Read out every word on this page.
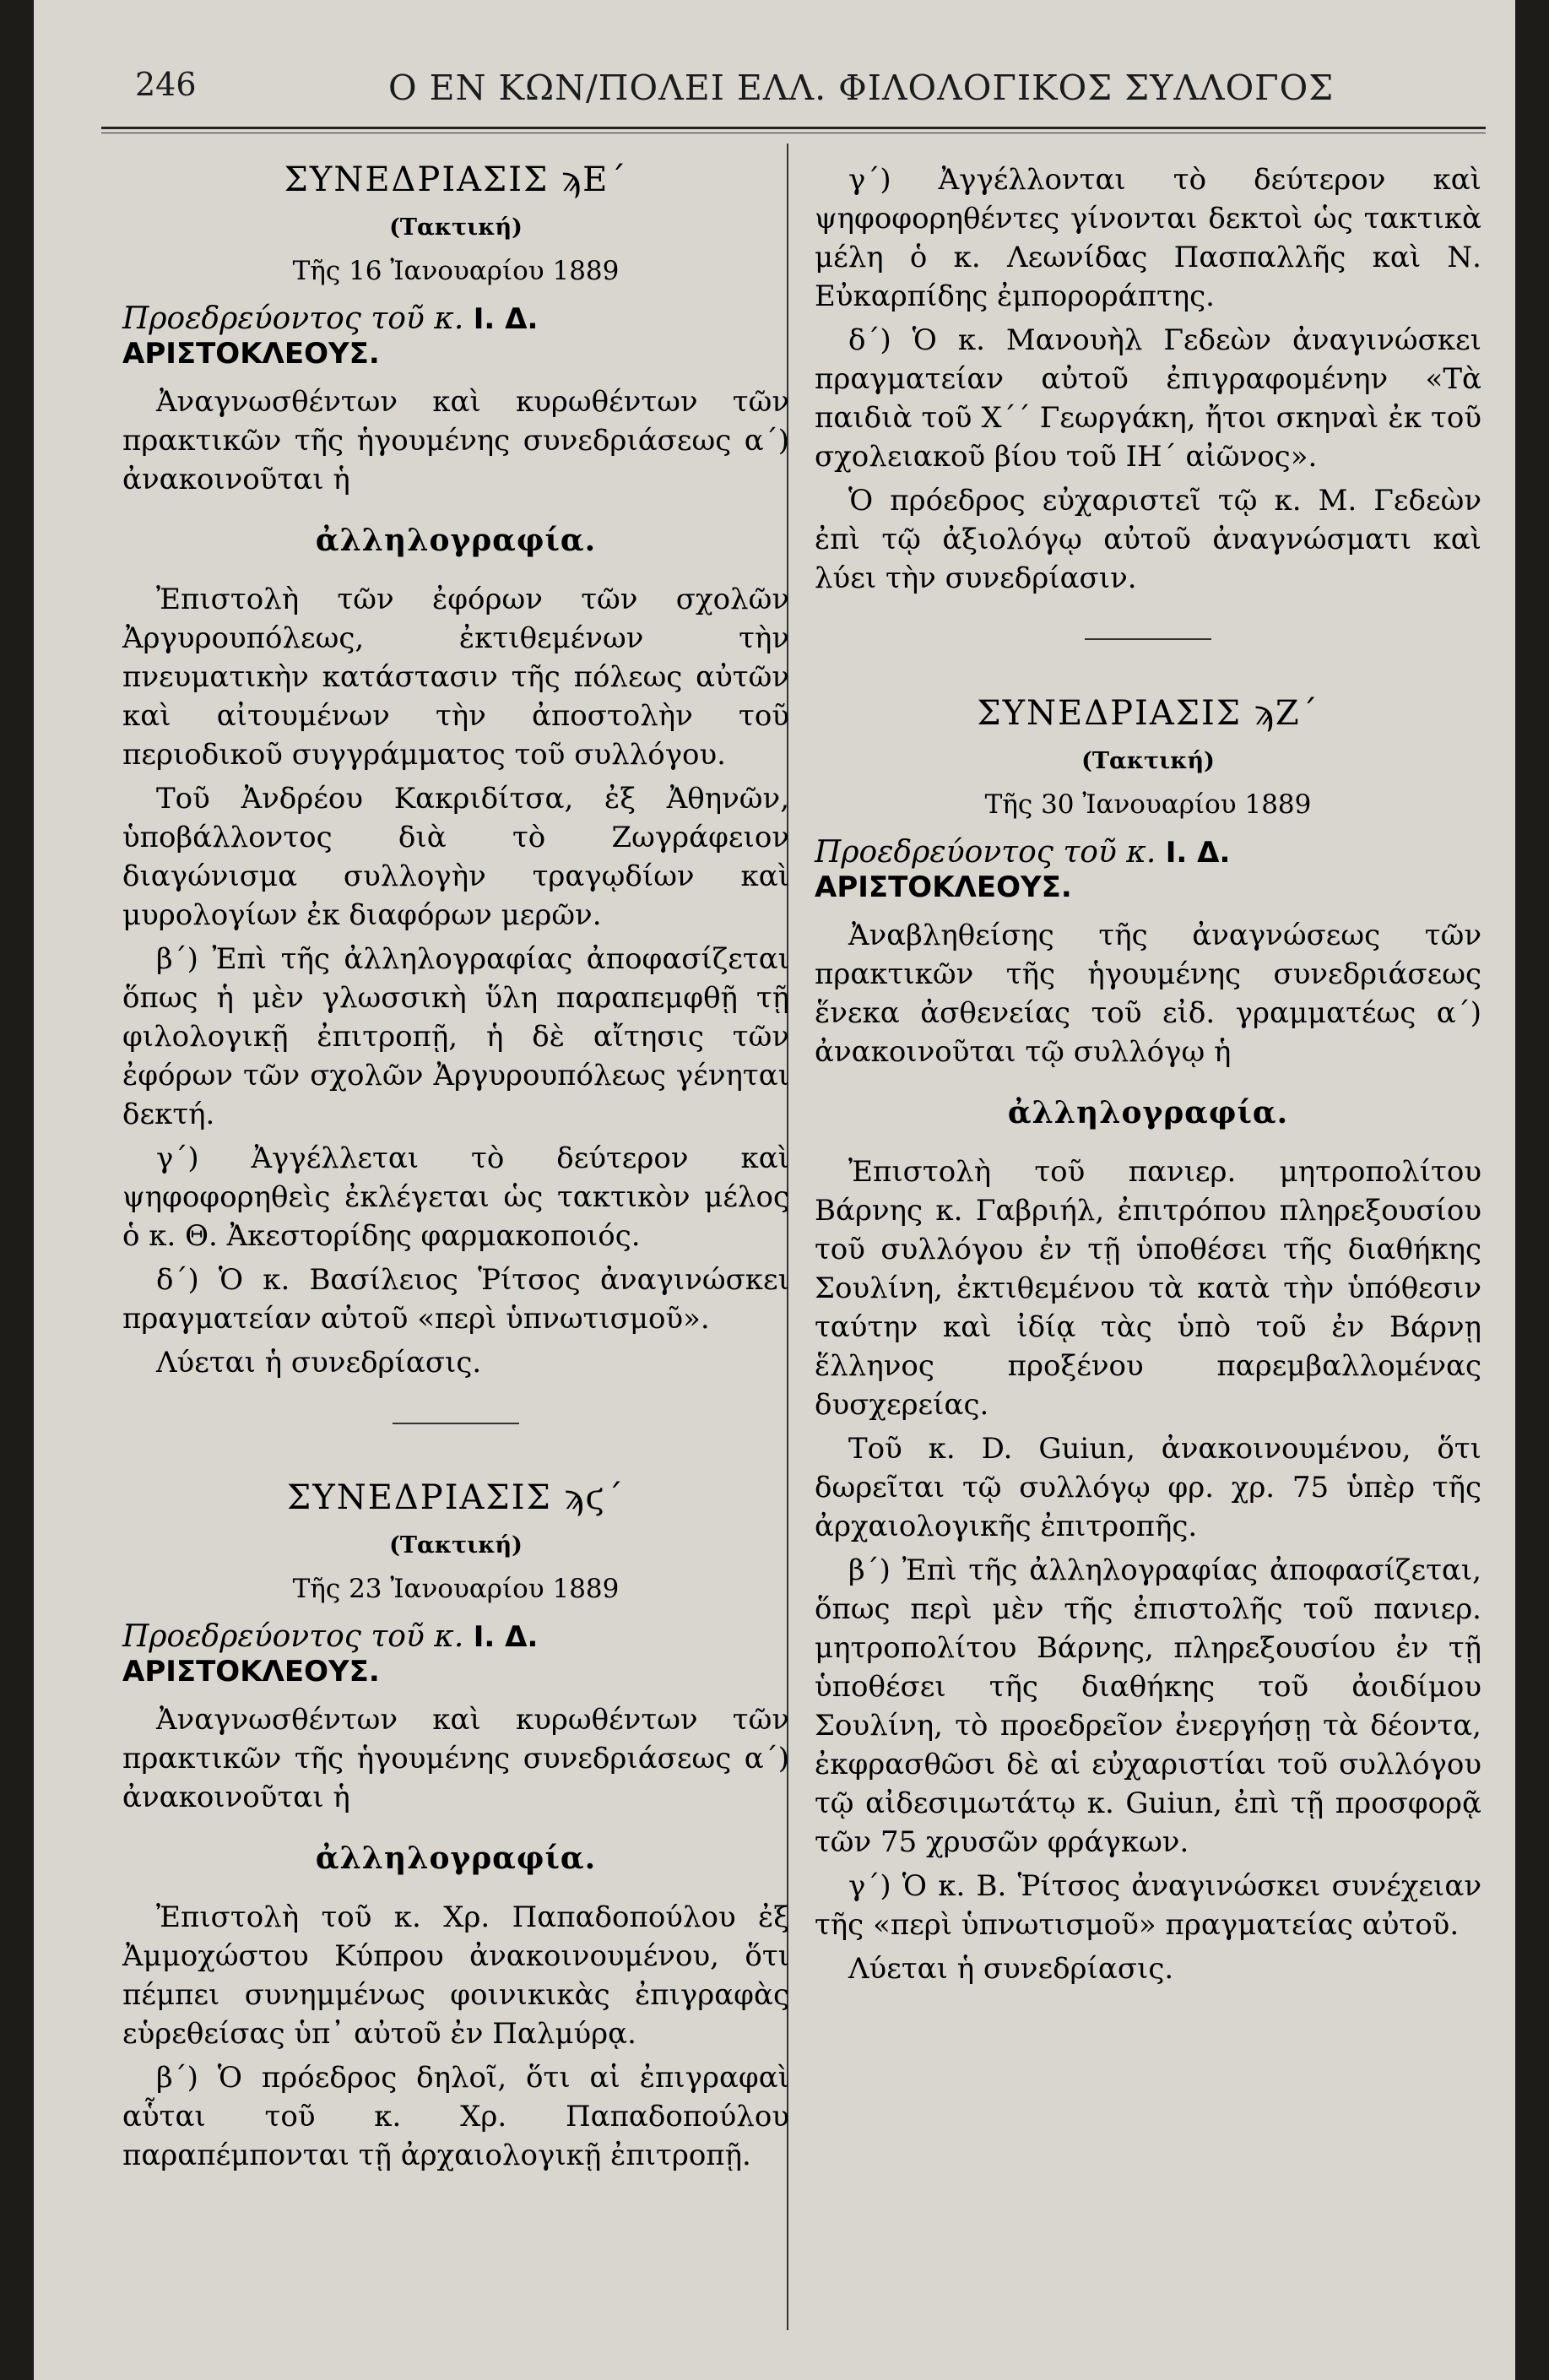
246	Ο ΕΝ ΚΩΝ/ΠΟΛΕΙ ΕΛΛ. ΦΙΛΟΛΟΓΙΚΟΣ ΣΥΛΛΟΓΟΣ
ΣΥΝΕΔΡΙΑΣΙΣ ϡΕ΄
(Τακτική)
Τῆς 16 Ἰανουαρίου 1889
Προεδρεύοντος τοῦ κ. Ι. Δ. ΑΡΙΣΤΟΚΛΕΟΥΣ.

Ἀναγνωσθέντων καὶ κυρωθέντων τῶν πρακτικῶν τῆς ἡγουμένης συνεδριάσεως α΄) ἀνακοινοῦται ἡ

ἀλληλογραφία.

Ἐπιστολὴ τῶν ἐφόρων τῶν σχολῶν Ἀργυρουπόλεως, ἐκτιθεμένων τὴν πνευματικὴν κατάστασιν τῆς πόλεως αὐτῶν καὶ αἰτουμένων τὴν ἀποστολὴν τοῦ περιοδικοῦ συγγράμματος τοῦ συλλόγου.

Τοῦ Ἀνδρέου Κακριδίτσα, ἐξ Ἀθηνῶν, ὑποβάλλοντος διὰ τὸ Ζωγράφειον διαγώνισμα συλλογὴν τραγῳδίων καὶ μυρολογίων ἐκ διαφόρων μερῶν.

β΄) Ἐπὶ τῆς ἀλληλογραφίας ἀποφασίζεται ὅπως ἡ μὲν γλωσσικὴ ὕλη παραπεμφθῇ τῇ φιλολογικῇ ἐπιτροπῇ, ἡ δὲ αἴτησις τῶν ἐφόρων τῶν σχολῶν Ἀργυρουπόλεως γένηται δεκτή.

γ΄) Ἀγγέλλεται τὸ δεύτερον καὶ ψηφοφορηθεὶς ἐκλέγεται ὡς τακτικὸν μέλος ὁ κ. Θ. Ἀκεστορίδης φαρμακοποιός.

δ΄) Ὁ κ. Βασίλειος Ῥίτσος ἀναγινώσκει πραγματείαν αὐτοῦ «περὶ ὑπνωτισμοῦ».

Λύεται ἡ συνεδρίασις.

ΣΥΝΕΔΡΙΑΣΙΣ ϡϛ΄
(Τακτική)
Τῆς 23 Ἰανουαρίου 1889
Προεδρεύοντος τοῦ κ. Ι. Δ. ΑΡΙΣΤΟΚΛΕΟΥΣ.

Ἀναγνωσθέντων καὶ κυρωθέντων τῶν πρακτικῶν τῆς ἡγουμένης συνεδριάσεως α΄) ἀνακοινοῦται ἡ

ἀλληλογραφία.

Ἐπιστολὴ τοῦ κ. Χρ. Παπαδοπούλου ἐξ Ἀμμοχώστου Κύπρου ἀνακοινουμένου, ὅτι πέμπει συνημμένως φοινικικὰς ἐπιγραφὰς εὑρεθείσας ὑπ᾽ αὐτοῦ ἐν Παλμύρᾳ.

β΄) Ὁ πρόεδρος δηλοῖ, ὅτι αἱ ἐπιγραφαὶ αὗται τοῦ κ. Χρ. Παπαδοπούλου παραπέμπονται τῇ ἀρχαιολογικῇ ἐπιτροπῇ.

γ΄) Ἀγγέλλονται τὸ δεύτερον καὶ ψηφοφορηθέντες γίνονται δεκτοὶ ὡς τακτικὰ μέλη ὁ κ. Λεωνίδας Πασπαλλῆς καὶ Ν. Εὐκαρπίδης ἐμποροράπτης.

δ΄) Ὁ κ. Μανουὴλ Γεδεὼν ἀναγινώσκει πραγματείαν αὐτοῦ ἐπιγραφομένην «Τὰ παιδιὰ τοῦ Χ΄΄ Γεωργάκη, ἤτοι σκηναὶ ἐκ τοῦ σχολειακοῦ βίου τοῦ ΙΗ΄ αἰῶνος».

Ὁ πρόεδρος εὐχαριστεῖ τῷ κ. Μ. Γεδεὼν ἐπὶ τῷ ἀξιολόγῳ αὐτοῦ ἀναγνώσματι καὶ λύει τὴν συνεδρίασιν.

ΣΥΝΕΔΡΙΑΣΙΣ ϡΖ΄
(Τακτική)
Τῆς 30 Ἰανουαρίου 1889
Προεδρεύοντος τοῦ κ. Ι. Δ. ΑΡΙΣΤΟΚΛΕΟΥΣ.

Ἀναβληθείσης τῆς ἀναγνώσεως τῶν πρακτικῶν τῆς ἡγουμένης συνεδριάσεως ἕνεκα ἀσθενείας τοῦ εἰδ. γραμματέως α΄) ἀνακοινοῦται τῷ συλλόγῳ ἡ

ἀλληλογραφία.

Ἐπιστολὴ τοῦ πανιερ. μητροπολίτου Βάρνης κ. Γαβριήλ, ἐπιτρόπου πληρεξουσίου τοῦ συλλόγου ἐν τῇ ὑποθέσει τῆς διαθήκης Σουλίνη, ἐκτιθεμένου τὰ κατὰ τὴν ὑπόθεσιν ταύτην καὶ ἰδίᾳ τὰς ὑπὸ τοῦ ἐν Βάρνῃ ἕλληνος προξένου παρεμβαλλομένας δυσχερείας.

Τοῦ κ. D. Guiun, ἀνακοινουμένου, ὅτι δωρεῖται τῷ συλλόγῳ φρ. χρ. 75 ὑπὲρ τῆς ἀρχαιολογικῆς ἐπιτροπῆς.

β΄) Ἐπὶ τῆς ἀλληλογραφίας ἀποφασίζεται, ὅπως περὶ μὲν τῆς ἐπιστολῆς τοῦ πανιερ. μητροπολίτου Βάρνης, πληρεξουσίου ἐν τῇ ὑποθέσει τῆς διαθήκης τοῦ ἀοιδίμου Σουλίνη, τὸ προεδρεῖον ἐνεργήσῃ τὰ δέοντα, ἐκφρασθῶσι δὲ αἱ εὐχαριστίαι τοῦ συλλόγου τῷ αἰδεσιμωτάτῳ κ. Guiun, ἐπὶ τῇ προσφορᾷ τῶν 75 χρυσῶν φράγκων.

γ΄) Ὁ κ. Β. Ῥίτσος ἀναγινώσκει συνέχειαν τῆς «περὶ ὑπνωτισμοῦ» πραγματείας αὐτοῦ.

Λύεται ἡ συνεδρίασις.
